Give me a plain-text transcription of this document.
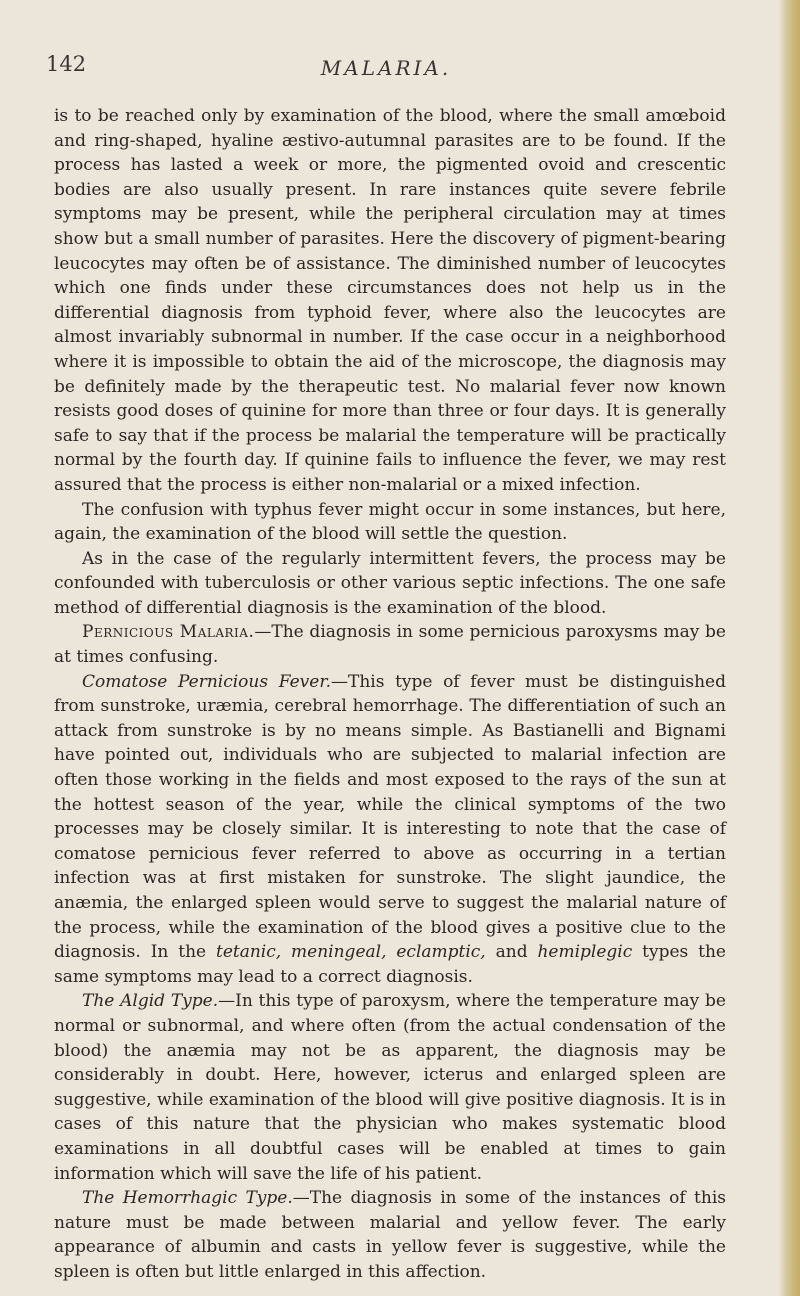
142	MALARIA.

is to be reached only by examination of the blood, where the small amœboid and ring-shaped, hyaline æstivo-autumnal parasites are to be found. If the process has lasted a week or more, the pigmented ovoid and crescentic bodies are also usually present. In rare instances quite severe febrile symptoms may be present, while the peripheral circulation may at times show but a small number of parasites. Here the discovery of pigment-bearing leucocytes may often be of assistance. The diminished number of leucocytes which one finds under these circumstances does not help us in the differential diagnosis from typhoid fever, where also the leucocytes are almost invariably subnormal in number. If the case occur in a neighborhood where it is impossible to obtain the aid of the microscope, the diagnosis may be definitely made by the therapeutic test. No malarial fever now known resists good doses of quinine for more than three or four days. It is generally safe to say that if the process be malarial the temperature will be practically normal by the fourth day. If quinine fails to influence the fever, we may rest assured that the process is either non-malarial or a mixed infection.

The confusion with typhus fever might occur in some instances, but here, again, the examination of the blood will settle the question.

As in the case of the regularly intermittent fevers, the process may be confounded with tuberculosis or other various septic infections. The one safe method of differential diagnosis is the examination of the blood.

Pernicious Malaria.—The diagnosis in some pernicious paroxysms may be at times confusing.

Comatose Pernicious Fever.—This type of fever must be distinguished from sunstroke, uræmia, cerebral hemorrhage. The differentiation of such an attack from sunstroke is by no means simple. As Bastianelli and Bignami have pointed out, individuals who are subjected to malarial infection are often those working in the fields and most exposed to the rays of the sun at the hottest season of the year, while the clinical symptoms of the two processes may be closely similar. It is interesting to note that the case of comatose pernicious fever referred to above as occurring in a tertian infection was at first mistaken for sunstroke. The slight jaundice, the anæmia, the enlarged spleen would serve to suggest the malarial nature of the process, while the examination of the blood gives a positive clue to the diagnosis. In the tetanic, meningeal, eclamptic, and hemiplegic types the same symptoms may lead to a correct diagnosis.

The Algid Type.—In this type of paroxysm, where the temperature may be normal or subnormal, and where often (from the actual condensation of the blood) the anæmia may not be as apparent, the diagnosis may be considerably in doubt. Here, however, icterus and enlarged spleen are suggestive, while examination of the blood will give positive diagnosis. It is in cases of this nature that the physician who makes systematic blood examinations in all doubtful cases will be enabled at times to gain information which will save the life of his patient.

The Hemorrhagic Type.—The diagnosis in some of the instances of this nature must be made between malarial and yellow fever. The early appearance of albumin and casts in yellow fever is suggestive, while the spleen is often but little enlarged in this affection.
